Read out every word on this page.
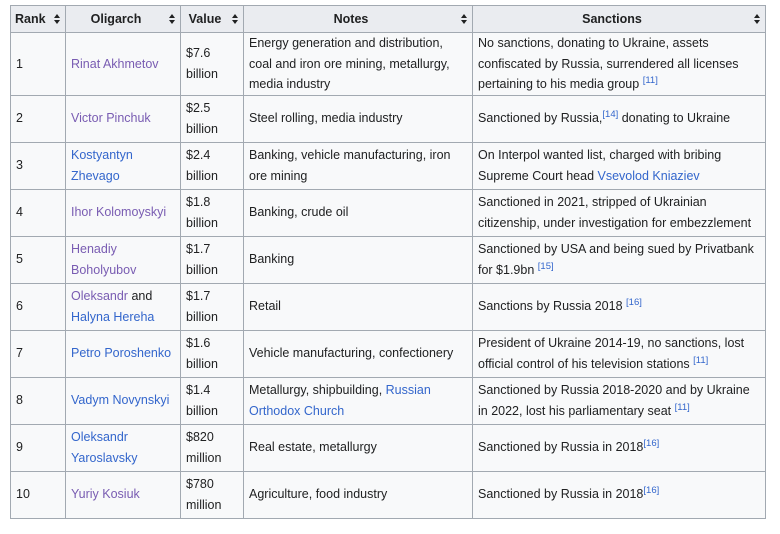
Rank	Oligarch	Value	Notes	Sanctions

1	Rinat Akhmetov	$7.6 billion	Energy generation and distribution, coal and iron ore mining, metallurgy, media industry	No sanctions, donating to Ukraine, assets confiscated by Russia, surrendered all licenses pertaining to his media group [11]
2	Victor Pinchuk	$2.5 billion	Steel rolling, media industry	Sanctioned by Russia,[14] donating to Ukraine
3	Kostyantyn Zhevago	$2.4 billion	Banking, vehicle manufacturing, iron ore mining	On Interpol wanted list, charged with bribing Supreme Court head Vsevolod Kniaziev
4	Ihor Kolomoyskyi	$1.8 billion	Banking, crude oil	Sanctioned in 2021, stripped of Ukrainian citizenship, under investigation for embezzlement
5	Henadiy Boholyubov	$1.7 billion	Banking	Sanctioned by USA and being sued by Privatbank for $1.9bn [15]
6	Oleksandr and Halyna Hereha	$1.7 billion	Retail	Sanctions by Russia 2018 [16]
7	Petro Poroshenko	$1.6 billion	Vehicle manufacturing, confectionery	President of Ukraine 2014-19, no sanctions, lost official control of his television stations [11]
8	Vadym Novynskyi	$1.4 billion	Metallurgy, shipbuilding, Russian Orthodox Church	Sanctioned by Russia 2018-2020 and by Ukraine in 2022, lost his parliamentary seat [11]
9	Oleksandr Yaroslavsky	$820 million	Real estate, metallurgy	Sanctioned by Russia in 2018[16]
10	Yuriy Kosiuk	$780 million	Agriculture, food industry	Sanctioned by Russia in 2018[16]
